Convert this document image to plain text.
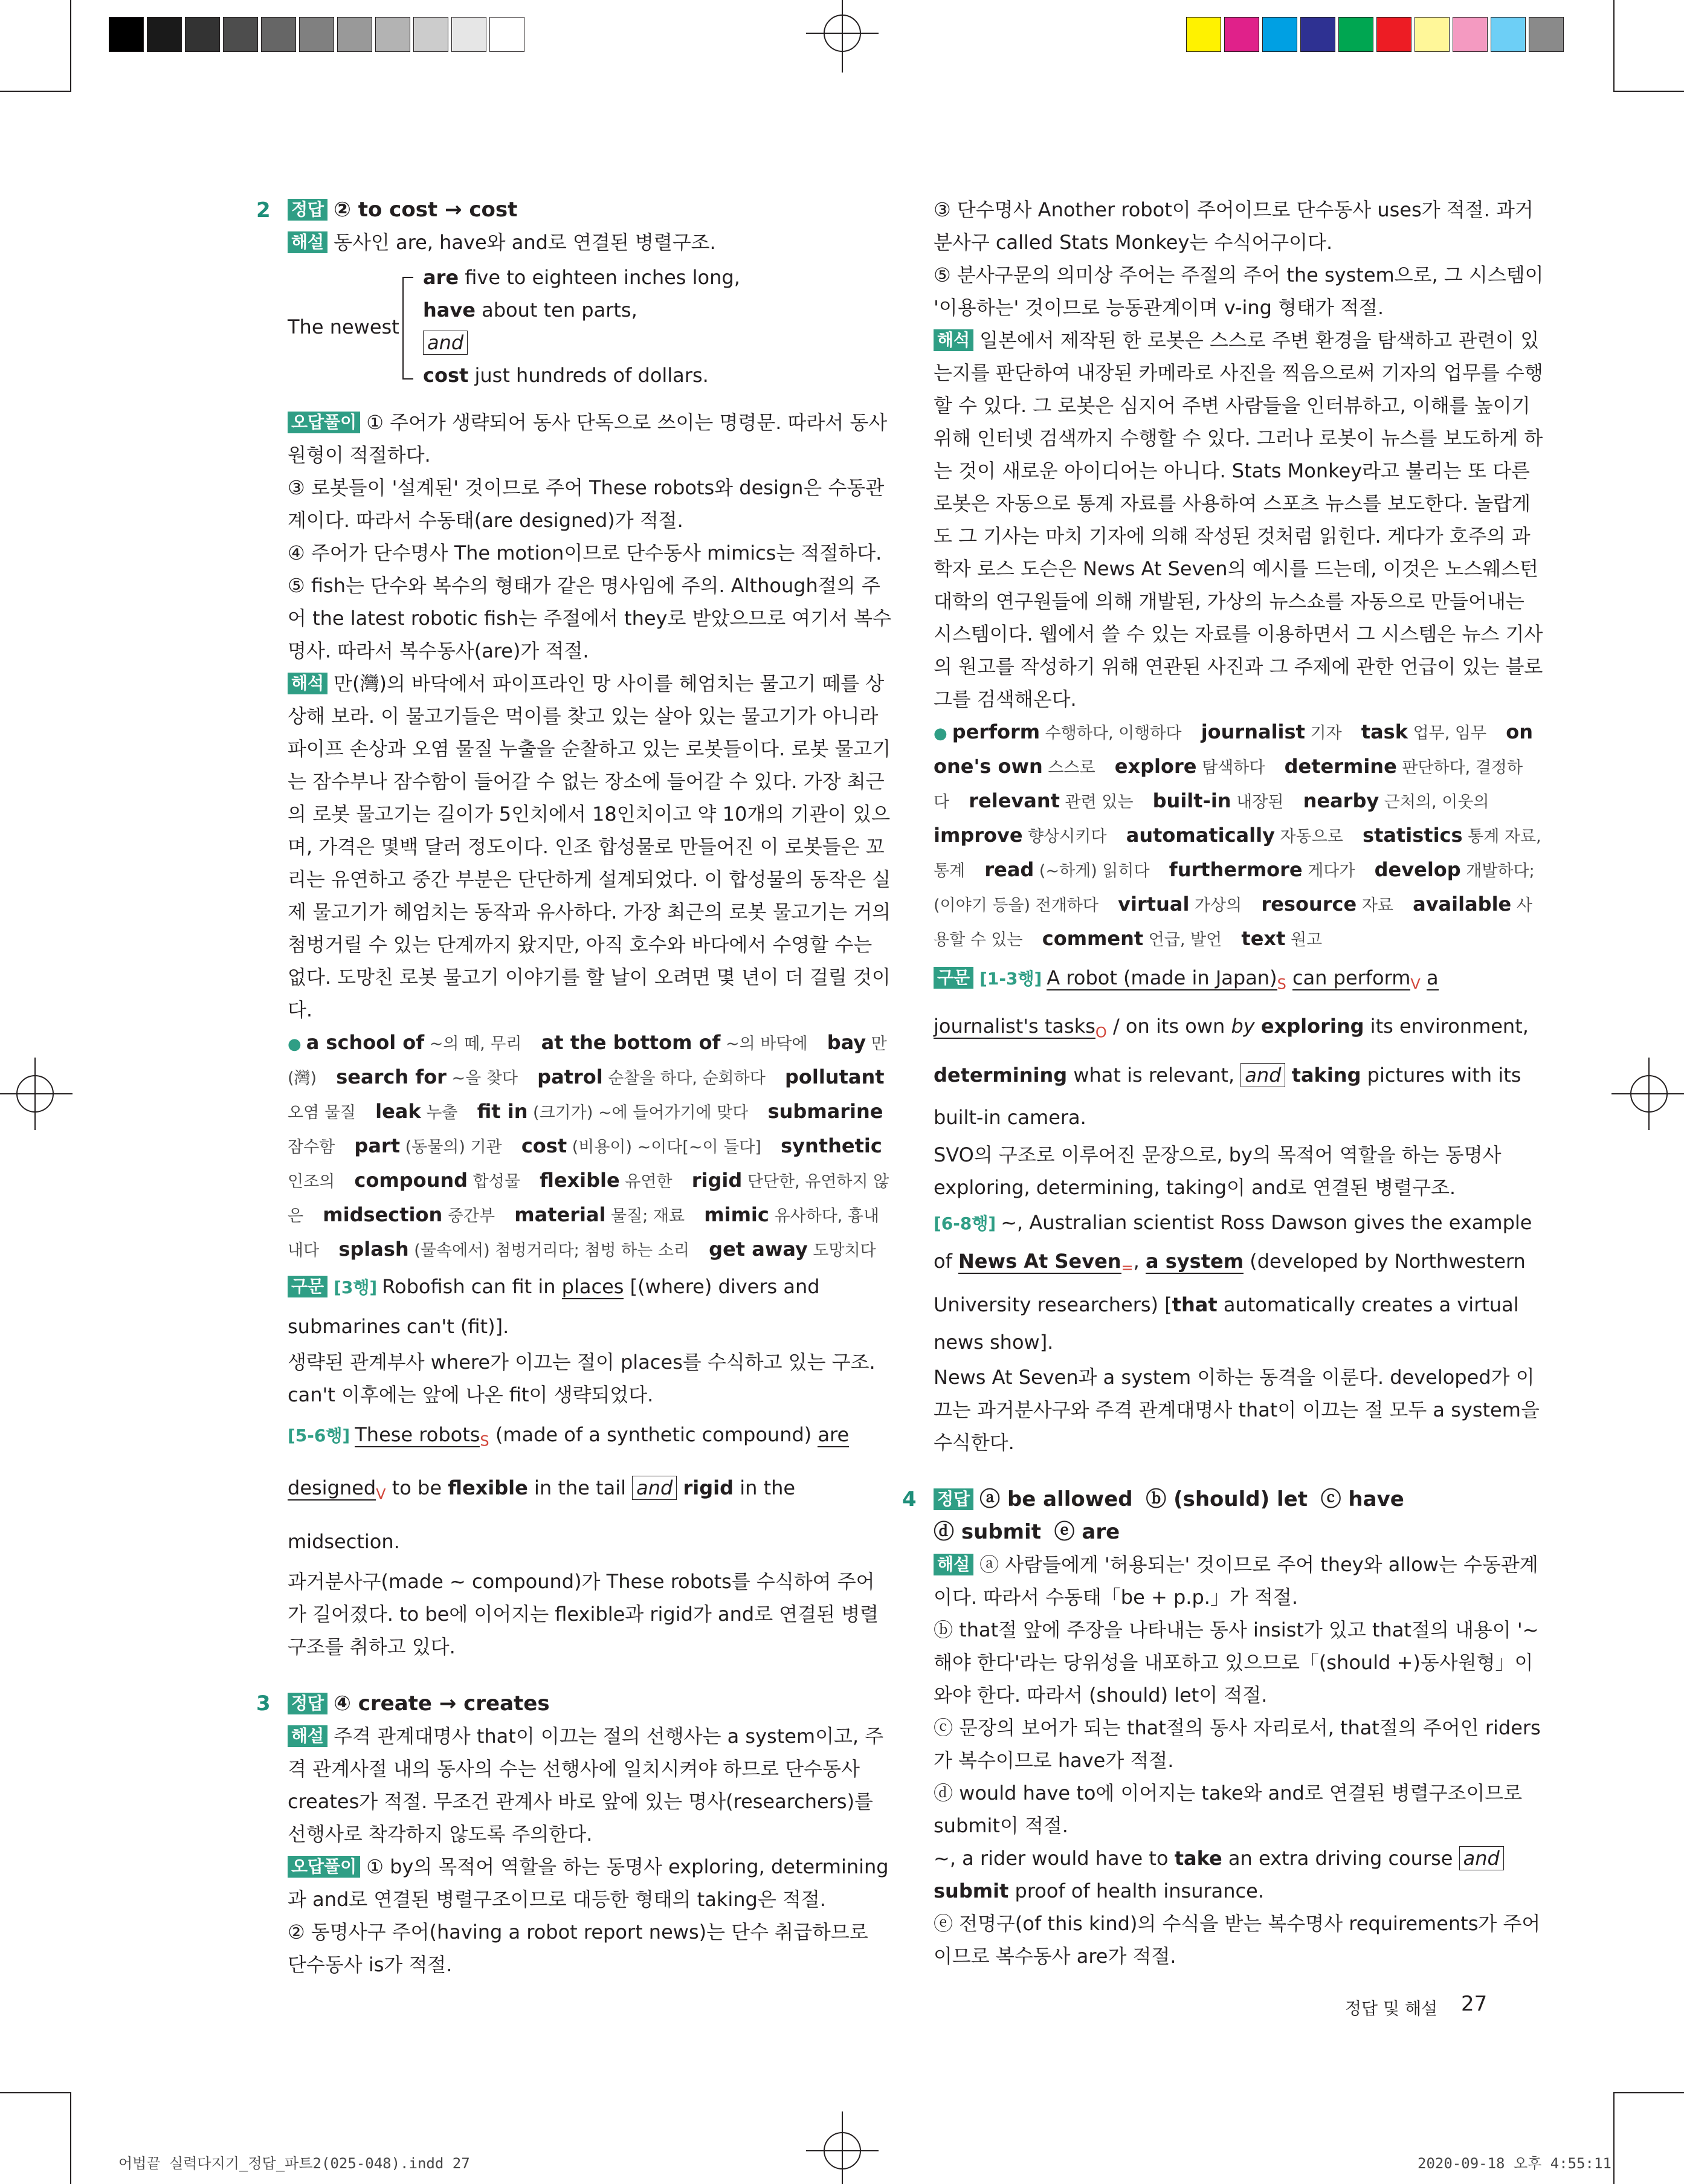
2 정답 ② to cost → cost

해설 동사인 are, have와 and로 연결된 병렬구조.

The newest
are five to eighteen inches long,
have about ten parts,
and
cost just hundreds of dollars.

오답풀이 ① 주어가 생략되어 동사 단독으로 쓰이는 명령문. 따라서 동사원형이 적절하다.

③ 로봇들이 '설계된' 것이므로 주어 These robots와 design은 수동관계이다. 따라서 수동태(are designed)가 적절.

④ 주어가 단수명사 The motion이므로 단수동사 mimics는 적절하다.

⑤ fish는 단수와 복수의 형태가 같은 명사임에 주의. Although절의 주어 the latest robotic fish는 주절에서 they로 받았으므로 여기서 복수명사. 따라서 복수동사(are)가 적절.

해석 만(灣)의 바닥에서 파이프라인 망 사이를 헤엄치는 물고기 떼를 상상해 보라. 이 물고기들은 먹이를 찾고 있는 살아 있는 물고기가 아니라 파이프 손상과 오염 물질 누출을 순찰하고 있는 로봇들이다. 로봇 물고기는 잠수부나 잠수함이 들어갈 수 없는 장소에 들어갈 수 있다. 가장 최근의 로봇 물고기는 길이가 5인치에서 18인치이고 약 10개의 기관이 있으며, 가격은 몇백 달러 정도이다. 인조 합성물로 만들어진 이 로봇들은 꼬리는 유연하고 중간 부분은 단단하게 설계되었다. 이 합성물의 동작은 실제 물고기가 헤엄치는 동작과 유사하다. 가장 최근의 로봇 물고기는 거의 첨벙거릴 수 있는 단계까지 왔지만, 아직 호수와 바다에서 수영할 수는 없다. 도망친 로봇 물고기 이야기를 할 날이 오려면 몇 년이 더 걸릴 것이다.

● a school of ~의 떼, 무리 at the bottom of ~의 바닥에 bay 만(灣) search for ~을 찾다 patrol 순찰을 하다, 순회하다 pollutant 오염 물질 leak 누출 fit in (크기가) ~에 들어가기에 맞다 submarine 잠수함 part (동물의) 기관 cost (비용이) ~이다[~이 들다] synthetic 인조의 compound 합성물 flexible 유연한 rigid 단단한, 유연하지 않은 midsection 중간부 material 물질; 재료 mimic 유사하다, 흉내 내다 splash (물속에서) 첨벙거리다; 첨벙 하는 소리 get away 도망치다

구문 [3행] Robofish can fit in places [(where) divers and submarines can't (fit)].

생략된 관계부사 where가 이끄는 절이 places를 수식하고 있는 구조. can't 이후에는 앞에 나온 fit이 생략되었다.

[5-6행] These robots$_S$ (made of a synthetic compound) are designed$_V$ to be flexible in the tail and rigid in the midsection.

과거분사구(made ~ compound)가 These robots를 수식하여 주어가 길어졌다. to be에 이어지는 flexible과 rigid가 and로 연결된 병렬구조를 취하고 있다.

3 정답 ④ create → creates

해설 주격 관계대명사 that이 이끄는 절의 선행사는 a system이고, 주격 관계사절 내의 동사의 수는 선행사에 일치시켜야 하므로 단수동사 creates가 적절. 무조건 관계사 바로 앞에 있는 명사(researchers)를 선행사로 착각하지 않도록 주의한다.

오답풀이 ① by의 목적어 역할을 하는 동명사 exploring, determining과 and로 연결된 병렬구조이므로 대등한 형태의 taking은 적절.

② 동명사구 주어(having a robot report news)는 단수 취급하므로 단수동사 is가 적절.

③ 단수명사 Another robot이 주어이므로 단수동사 uses가 적절. 과거분사구 called Stats Monkey는 수식어구이다.

⑤ 분사구문의 의미상 주어는 주절의 주어 the system으로, 그 시스템이 '이용하는' 것이므로 능동관계이며 v-ing 형태가 적절.

해석 일본에서 제작된 한 로봇은 스스로 주변 환경을 탐색하고 관련이 있는지를 판단하여 내장된 카메라로 사진을 찍음으로써 기자의 업무를 수행할 수 있다. 그 로봇은 심지어 주변 사람들을 인터뷰하고, 이해를 높이기 위해 인터넷 검색까지 수행할 수 있다. 그러나 로봇이 뉴스를 보도하게 하는 것이 새로운 아이디어는 아니다. Stats Monkey라고 불리는 또 다른 로봇은 자동으로 통계 자료를 사용하여 스포츠 뉴스를 보도한다. 놀랍게도 그 기사는 마치 기자에 의해 작성된 것처럼 읽힌다. 게다가 호주의 과학자 로스 도슨은 News At Seven의 예시를 드는데, 이것은 노스웨스턴 대학의 연구원들에 의해 개발된, 가상의 뉴스쇼를 자동으로 만들어내는 시스템이다. 웹에서 쓸 수 있는 자료를 이용하면서 그 시스템은 뉴스 기사의 원고를 작성하기 위해 연관된 사진과 그 주제에 관한 언급이 있는 블로그를 검색해온다.

● perform 수행하다, 이행하다 journalist 기자 task 업무, 임무 on one's own 스스로 explore 탐색하다 determine 판단하다, 결정하다 relevant 관련 있는 built-in 내장된 nearby 근처의, 이웃의 improve 향상시키다 automatically 자동으로 statistics 통계 자료, 통계 read (~하게) 읽히다 furthermore 게다가 develop 개발하다; (이야기 등을) 전개하다 virtual 가상의 resource 자료 available 사용할 수 있는 comment 언급, 발언 text 원고

구문 [1-3행] A robot (made in $Japan)_S$ can perform$_V$ a journalist's tasks$_O$ / on its own by exploring its environment, determining what is relevant, and taking pictures with its built-in camera.

SVO의 구조로 이루어진 문장으로, by의 목적어 역할을 하는 동명사 exploring, determining, taking이 and로 연결된 병렬구조.

[6-8행] ~, Australian scientist Ross Dawson gives the example of News At Seven$_=$, a system (developed by Northwestern University researchers) [that automatically creates a virtual news show].

News At Seven과 a system 이하는 동격을 이룬다. developed가 이끄는 과거분사구와 주격 관계대명사 that이 이끄는 절 모두 a system을 수식한다.

4 정답 ⓐ be allowed ⓑ (should) let ⓒ have

ⓓ submit ⓔ are

해설 ⓐ 사람들에게 '허용되는' 것이므로 주어 they와 allow는 수동관계이다. 따라서 수동태「be + p.p.」가 적절.

ⓑ that절 앞에 주장을 나타내는 동사 insist가 있고 that절의 내용이 '~해야 한다'라는 당위성을 내포하고 있으므로「(should +)동사원형」이 와야 한다. 따라서 (should) let이 적절.

ⓒ 문장의 보어가 되는 that절의 동사 자리로서, that절의 주어인 riders가 복수이므로 have가 적절.

ⓓ would have to에 이어지는 take와 and로 연결된 병렬구조이므로 submit이 적절.

~, a rider would have to take an extra driving course and submit proof of health insurance.

ⓔ 전명구(of this kind)의 수식을 받는 복수명사 requirements가 주어이므로 복수동사 are가 적절.

정답 및 해설 27
어법끝 실력다지기_정답_파트2(025-048).indd 27	2020-09-18 오후 4:55:11
